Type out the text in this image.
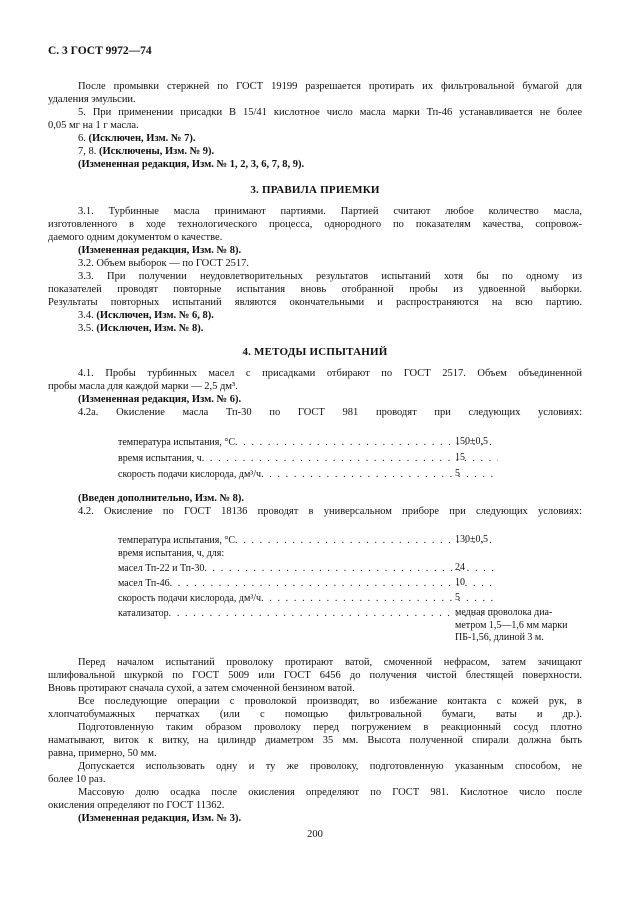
С. 3 ГОСТ 9972—74
После промывки стержней по ГОСТ 19199 разрешается протирать их фильтровальной бумагой для
удаления эмульсии.
5. При применении присадки В 15/41 кислотное число масла марки Тп-46 устанавливается не более
0,05 мг на 1 г масла.
6. (Исключен, Изм. № 7).
7, 8. (Исключены, Изм. № 9).
(Измененная редакция, Изм. № 1, 2, 3, 6, 7, 8, 9).
3. ПРАВИЛА ПРИЕМКИ
3.1. Турбинные масла принимают партиями. Партией считают любое количество масла,
изготовленного в ходе технологического процесса, однородного по показателям качества, сопровож-
даемого одним документом о качестве.
(Измененная редакция, Изм. № 8).
3.2. Объем выборок — по ГОСТ 2517.
3.3. При получении неудовлетворительных результатов испытаний хотя бы по одному из
показателей проводят повторные испытания вновь отобранной пробы из удвоенной выборки.
Результаты повторных испытаний являются окончательными и распространяются на всю партию.
3.4. (Исключен, Изм. № 6, 8).
3.5. (Исключен, Изм. № 8).
4. МЕТОДЫ ИСПЫТАНИЙ
4.1. Пробы турбинных масел с присадками отбирают по ГОСТ 2517. Объем объединенной
пробы масла для каждой марки — 2,5 дм³.
(Измененная редакция, Изм. № 6).
4.2а. Окисление масла Тп-30 по ГОСТ 981 проводят при следующих условиях:
температура испытания, °С . . .	150±0,5
время испытания, ч . . .	15
скорость подачи кислорода, дм³/ч . . .	5
(Введен дополнительно, Изм. № 8).
4.2. Окисление по ГОСТ 18136 проводят в универсальном приборе при следующих условиях:
температура испытания, °С . . .	130±0,5
время испытания, ч, для:
масел Тп-22 и Тп-30 . . .	24
масел Тп-46 . . .	10
скорость подачи кислорода, дм³/ч . . .	5
катализатор . . .	медная проволока диа-
метром 1,5—1,6 мм марки
ПБ-1,56, длиной 3 м.
Перед началом испытаний проволоку протирают ватой, смоченной нефрасом, затем зачищают
шлифовальной шкуркой по ГОСТ 5009 или ГОСТ 6456 до получения чистой блестящей поверхности.
Вновь протирают сначала сухой, а затем смоченной бензином ватой.
Все последующие операции с проволокой производят, во избежание контакта с кожей рук, в
хлопчатобумажных перчатках (или с помощью фильтровальной бумаги, ваты и др.).
Подготовленную таким образом проволоку перед погружением в реакционный сосуд плотно
наматывают, виток к витку, на цилиндр диаметром 35 мм. Высота полученной спирали должна быть
равна, примерно, 50 мм.
Допускается использовать одну и ту же проволоку, подготовленную указанным способом, не
более 10 раз.
Массовую долю осадка после окисления определяют по ГОСТ 981. Кислотное число после
окисления определяют по ГОСТ 11362.
(Измененная редакция, Изм. № 3).
200
